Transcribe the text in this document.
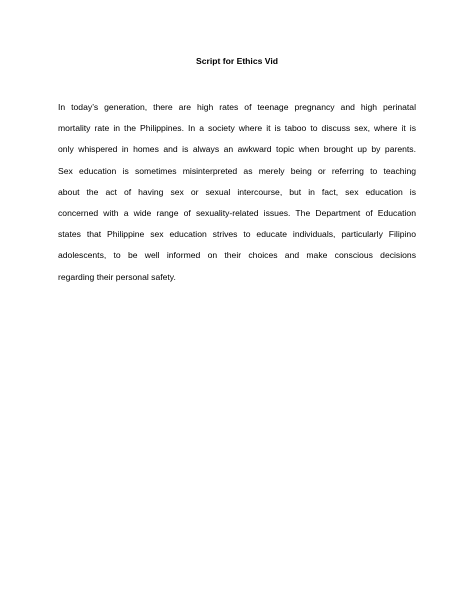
Script for Ethics Vid
In today’s generation, there are high rates of teenage pregnancy and high perinatal
mortality rate in the Philippines. In a society where it is taboo to discuss sex, where it is
only whispered in homes and is always an awkward topic when brought up by parents.
Sex education is sometimes misinterpreted as merely being or referring to teaching
about the act of having sex or sexual intercourse, but in fact, sex education is
concerned with a wide range of sexuality-related issues. The Department of Education
states that Philippine sex education strives to educate individuals, particularly Filipino
adolescents, to be well informed on their choices and make conscious decisions
regarding their personal safety.
